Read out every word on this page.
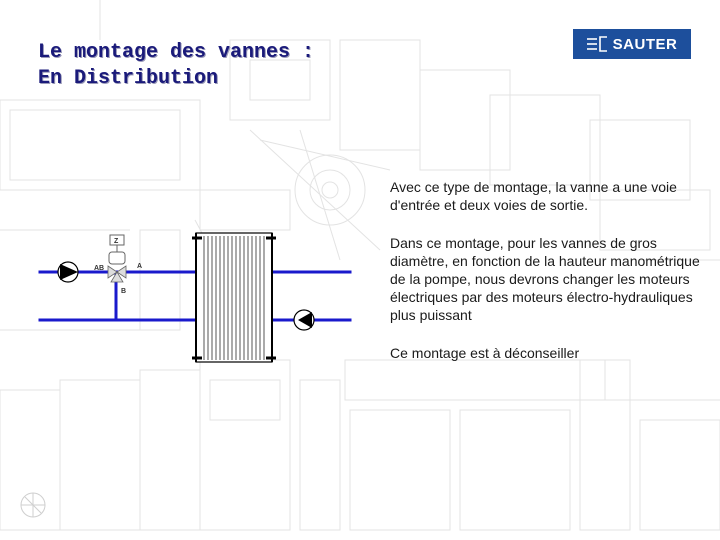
Le montage des vannes :
En Distribution
SAUTER
Z
AB	A
B

Avec ce type de montage, la vanne a une voie d'entrée et deux voies de sortie.

Dans ce montage, pour les vannes de gros diamètre, en fonction de la hauteur manométrique de la pompe, nous devrons changer les moteurs électriques par des moteurs électro-hydrauliques plus puissant

Ce montage est à déconseiller
